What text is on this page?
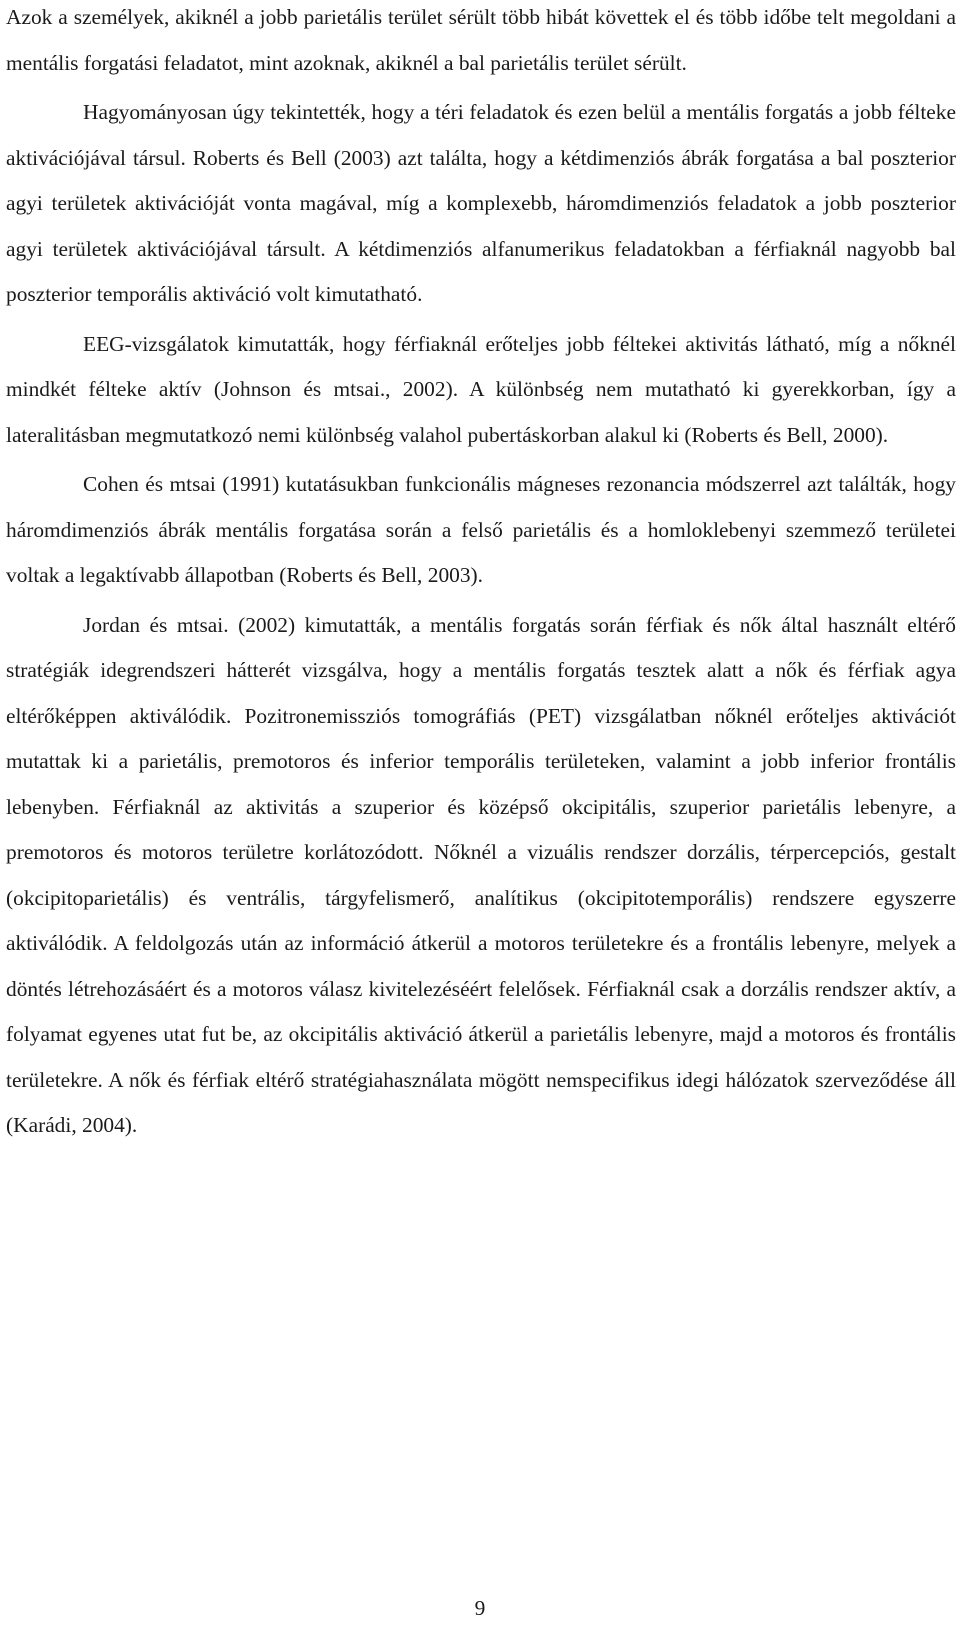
Azok a személyek, akiknél a jobb parietális terület sérült több hibát követtek el és több időbe telt megoldani a mentális forgatási feladatot, mint azoknak, akiknél a bal parietális terület sérült.

Hagyományosan úgy tekintették, hogy a téri feladatok és ezen belül a mentális forgatás a jobb félteke aktivációjával társul. Roberts és Bell (2003) azt találta, hogy a kétdimenziós ábrák forgatása a bal poszterior agyi területek aktivációját vonta magával, míg a komplexebb, háromdimenziós feladatok a jobb poszterior agyi területek aktivációjával társult. A kétdimenziós alfanumerikus feladatokban a férfiaknál nagyobb bal poszterior temporális aktiváció volt kimutatható.

EEG-vizsgálatok kimutatták, hogy férfiaknál erőteljes jobb féltekei aktivitás látható, míg a nőknél mindkét félteke aktív (Johnson és mtsai., 2002). A különbség nem mutatható ki gyerekkorban, így a lateralitásban megmutatkozó nemi különbség valahol pubertáskorban alakul ki (Roberts és Bell, 2000).

Cohen és mtsai (1991) kutatásukban funkcionális mágneses rezonancia módszerrel azt találták, hogy háromdimenziós ábrák mentális forgatása során a felső parietális és a homloklebenyi szemmező területei voltak a legaktívabb állapotban (Roberts és Bell, 2003).

Jordan és mtsai. (2002) kimutatták, a mentális forgatás során férfiak és nők által használt eltérő stratégiák idegrendszeri hátterét vizsgálva, hogy a mentális forgatás tesztek alatt a nők és férfiak agya eltérőképpen aktiválódik. Pozitronemissziós tomográfiás (PET) vizsgálatban nőknél erőteljes aktivációt mutattak ki a parietális, premotoros és inferior temporális területeken, valamint a jobb inferior frontális lebenyben. Férfiaknál az aktivitás a szuperior és középső okcipitális, szuperior parietális lebenyre, a premotoros és motoros területre korlátozódott. Nőknél a vizuális rendszer dorzális, térpercepciós, gestalt (okcipitoparietális) és ventrális, tárgyfelismerő, analítikus (okcipitotemporális) rendszere egyszerre aktiválódik. A feldolgozás után az információ átkerül a motoros területekre és a frontális lebenyre, melyek a döntés létrehozásáért és a motoros válasz kivitelezéséért felelősek. Férfiaknál csak a dorzális rendszer aktív, a folyamat egyenes utat fut be, az okcipitális aktiváció átkerül a parietális lebenyre, majd a motoros és frontális területekre. A nők és férfiak eltérő stratégiahasználata mögött nemspecifikus idegi hálózatok szerveződése áll (Karádi, 2004).

9
